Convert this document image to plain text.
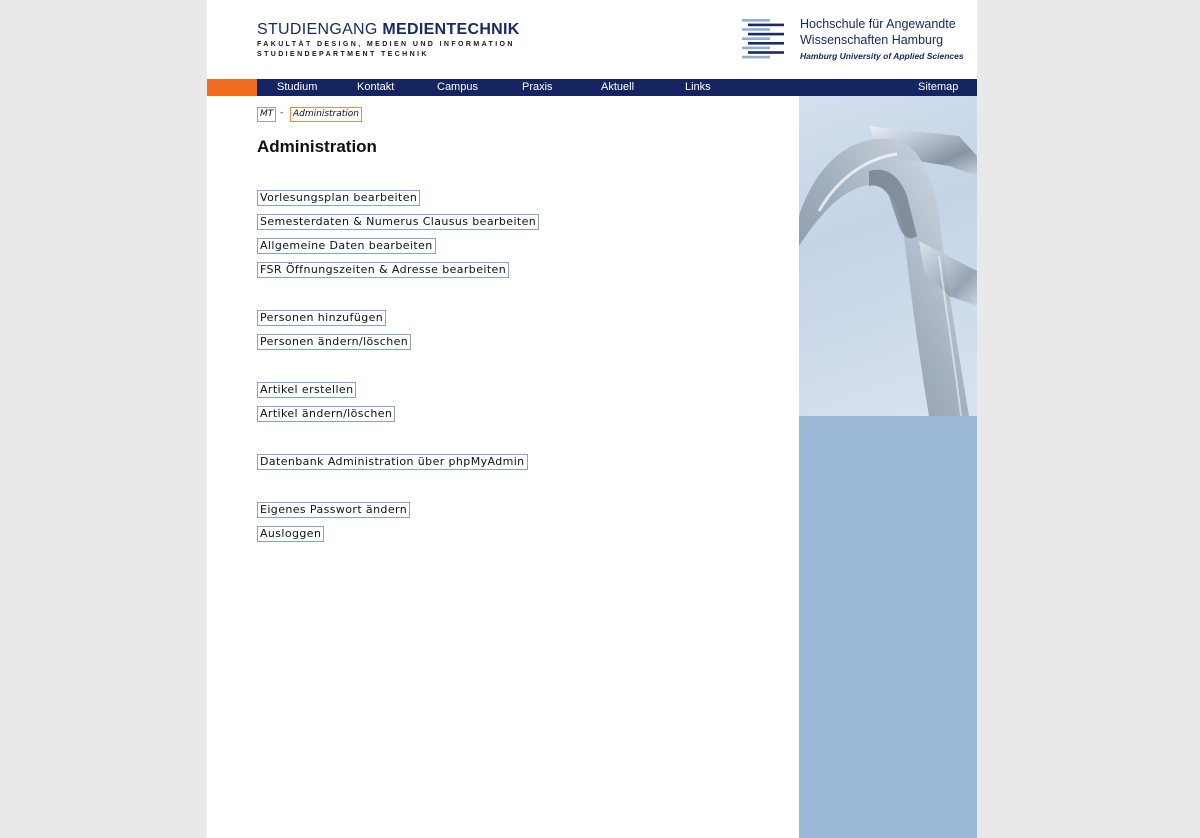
STUDIENGANG MEDIENTECHNIK
FAKULTÄT DESIGN, MEDIEN UND INFORMATION
STUDIENDEPARTMENT TECHNIK
Hochschule für Angewandte
Wissenschaften Hamburg
Hamburg University of Applied Sciences
Studium	Kontakt	Campus	Praxis	Aktuell	Links	Sitemap
MT -	Administration
Administration
Vorlesungsplan bearbeiten
Semesterdaten & Numerus Clausus bearbeiten
Allgemeine Daten bearbeiten
FSR Öffnungszeiten & Adresse bearbeiten
Personen hinzufügen
Personen ändern/löschen
Artikel erstellen
Artikel ändern/löschen
Datenbank Administration über phpMyAdmin
Eigenes Passwort ändern
Ausloggen
